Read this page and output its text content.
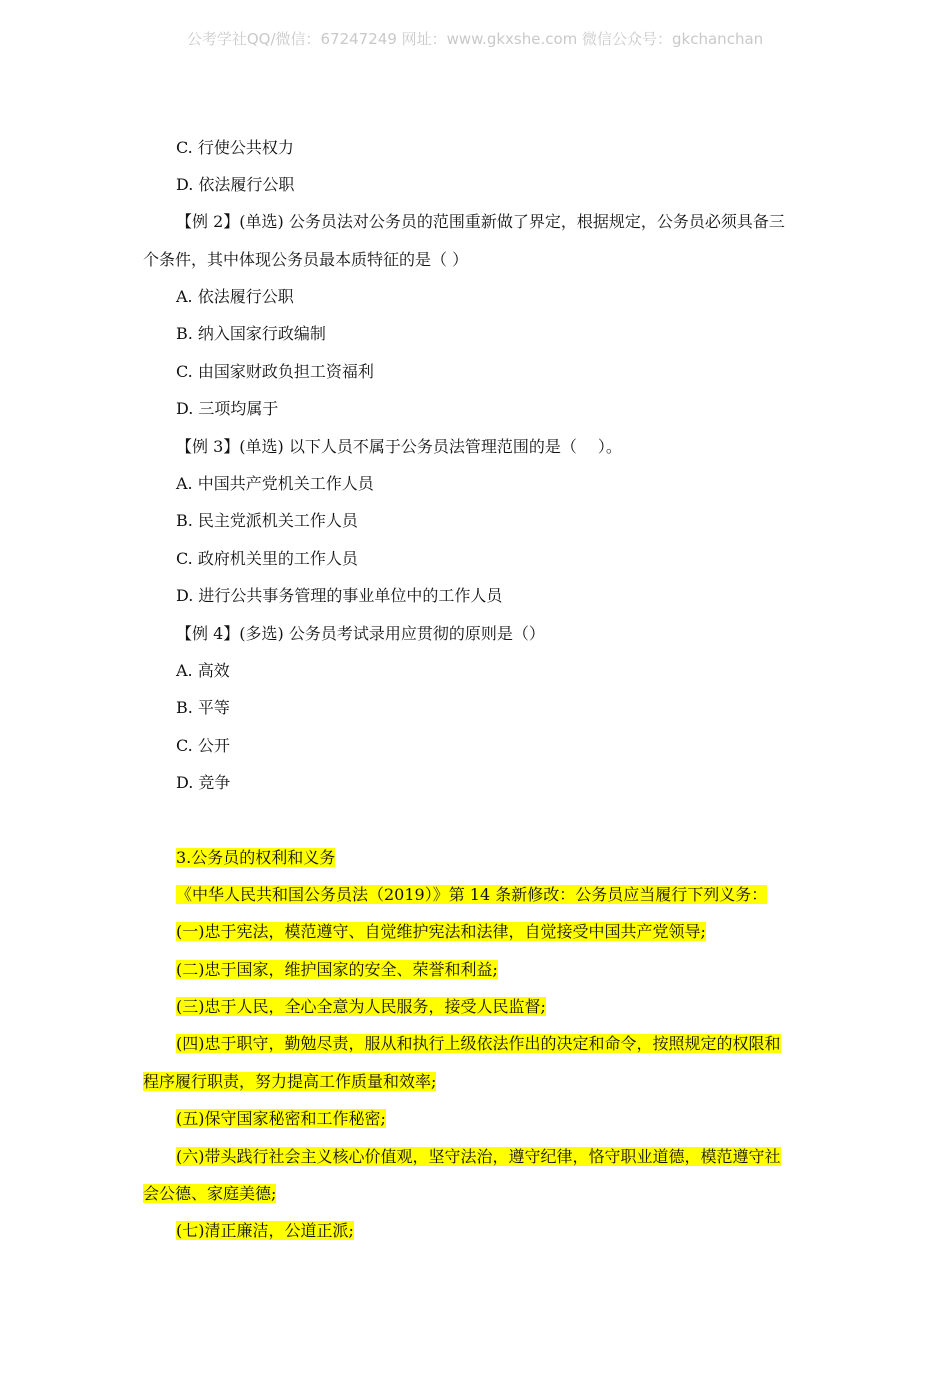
公考学社QQ/微信：67247249 网址：www.gkxshe.com 微信公众号：gkchanchan
C. 行使公共权力
D. 依法履行公职
【例 2】(单选) 公务员法对公务员的范围重新做了界定，根据规定，公务员必须具备三
个条件，其中体现公务员最本质特征的是（ ）
A. 依法履行公职
B. 纳入国家行政编制
C. 由国家财政负担工资福利
D. 三项均属于
【例 3】(单选) 以下人员不属于公务员法管理范围的是（　 ）。
A. 中国共产党机关工作人员
B. 民主党派机关工作人员
C. 政府机关里的工作人员
D. 进行公共事务管理的事业单位中的工作人员
【例 4】(多选) 公务员考试录用应贯彻的原则是（）
A. 高效
B. 平等
C. 公开
D. 竞争
3.公务员的权利和义务
《中华人民共和国公务员法（2019）》第 14 条新修改：公务员应当履行下列义务：
(一)忠于宪法，模范遵守、自觉维护宪法和法律，自觉接受中国共产党领导;
(二)忠于国家，维护国家的安全、荣誉和利益;
(三)忠于人民，全心全意为人民服务，接受人民监督;
(四)忠于职守，勤勉尽责，服从和执行上级依法作出的决定和命令，按照规定的权限和
程序履行职责，努力提高工作质量和效率;
(五)保守国家秘密和工作秘密;
(六)带头践行社会主义核心价值观，坚守法治，遵守纪律，恪守职业道德，模范遵守社
会公德、家庭美德;
(七)清正廉洁，公道正派;
